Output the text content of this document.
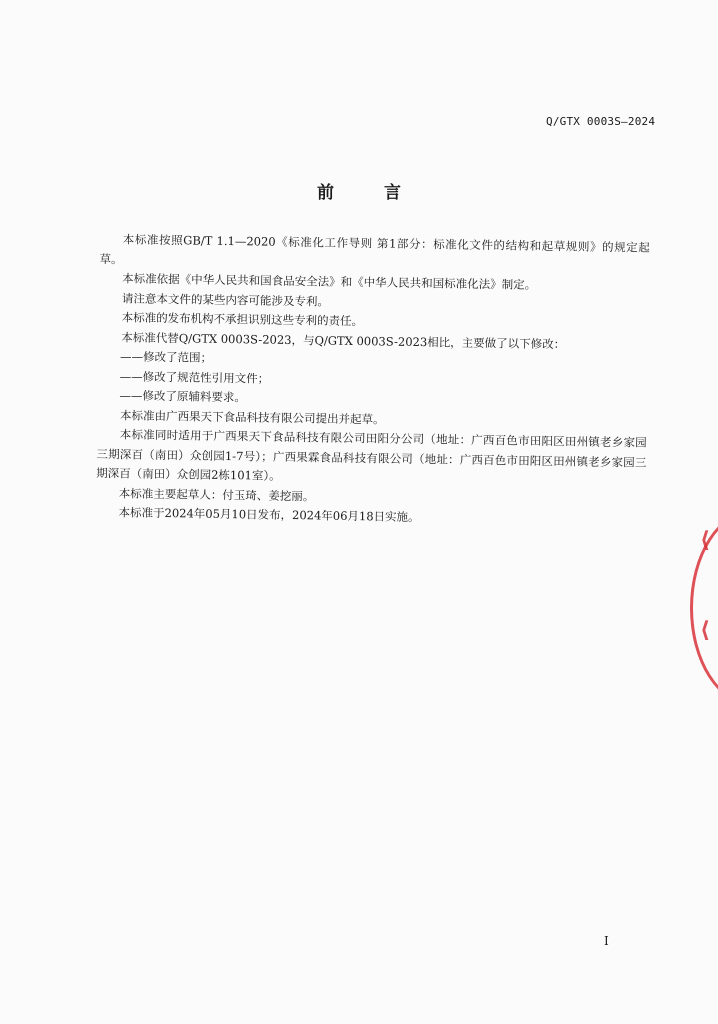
Q/GTX 0003S—2024
前 言

本标准按照GB/T 1.1—2020《标准化工作导则 第1部分：标准化文件的结构和起草规则》的规定起草。

本标准依据《中华人民共和国食品安全法》和《中华人民共和国标准化法》制定。

请注意本文件的某些内容可能涉及专利。

本标准的发布机构不承担识别这些专利的责任。

本标准代替Q/GTX 0003S-2023，与Q/GTX 0003S-2023相比，主要做了以下修改：

——修改了范围；

——修改了规范性引用文件；

——修改了原辅料要求。

本标准由广西果天下食品科技有限公司提出并起草。

本标准同时适用于广西果天下食品科技有限公司田阳分公司（地址：广西百色市田阳区田州镇老乡家园三期深百（南田）众创园1-7号）；广西果霖食品科技有限公司（地址：广西百色市田阳区田州镇老乡家园三期深百（南田）众创园2栋101室）。

本标准主要起草人：付玉琦、姜挖丽。

本标准于2024年05月10日发布，2024年06月18日实施。

⟨
⟨
I
